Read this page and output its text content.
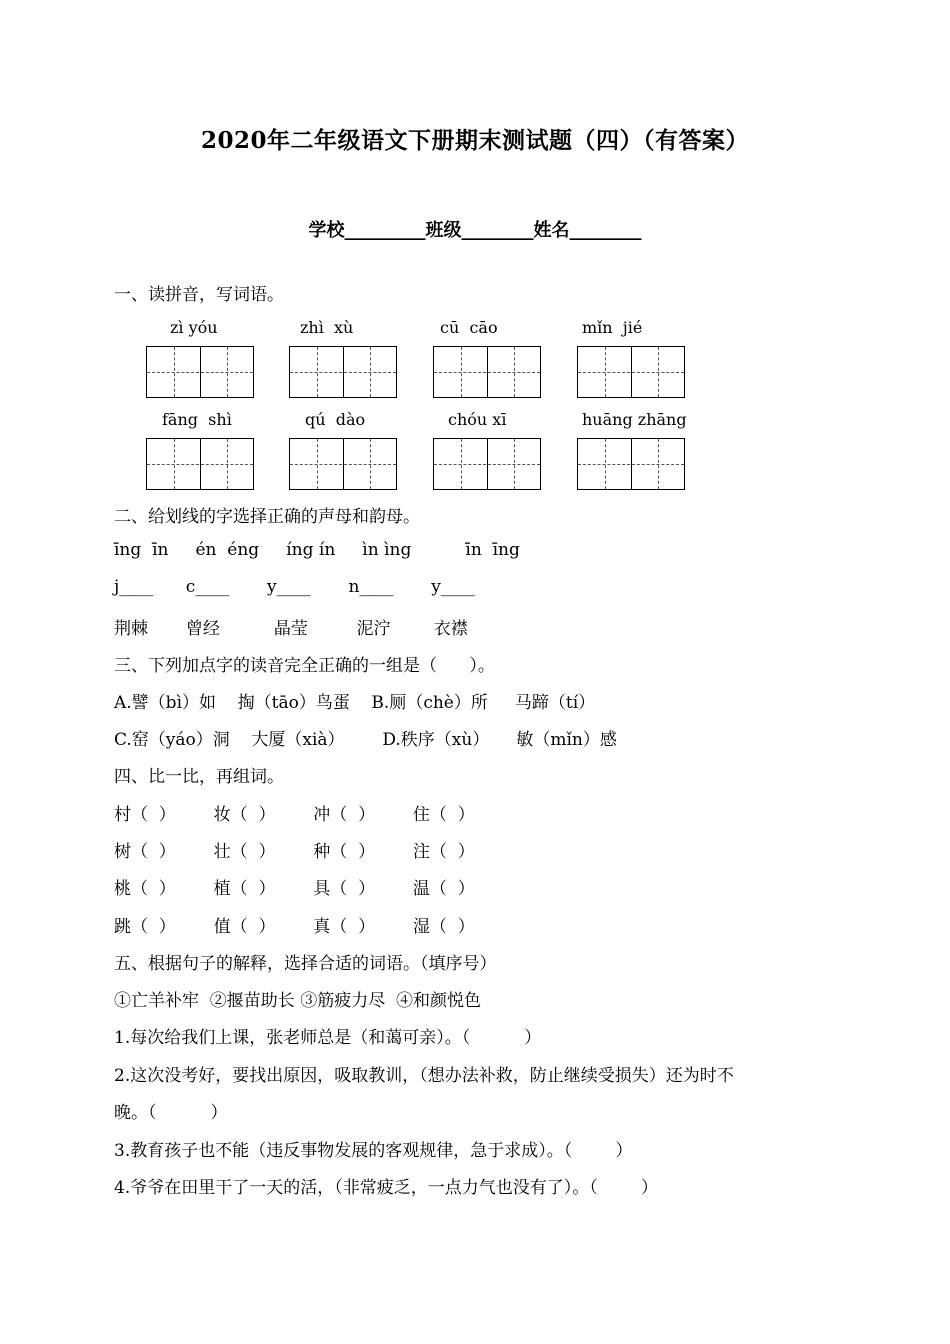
2020年二年级语文下册期末测试题（四）（有答案）
学校_________班级________姓名________
一、读拼音，写词语。
zì yóu	zhì  xù	cū  cāo	mǐn  jié
fāng  shì	qú  dào	chóu xī	huāng zhāng
二、给划线的字选择正确的声母和韵母。
īng  īn     én  éng     íng ín     ìn ìng          īn  īng
j____      c____       y____       n____       y____
荆棘       曾经          晶莹         泥泞        衣襟
三、下列加点字的读音完全正确的一组是（      ）。
A.譬（bì）如    掏（tāo）鸟蛋    B.厕（chè）所     马蹄（tí）
C.窑（yáo）洞    大厦（xià）       D.秩序（xù）     敏（mǐn）感
四、比一比，再组词。
村（  ）       妆（  ）       冲（  ）       住（  ）
树（  ）       壮（  ）       种（  ）       注（  ）
桃（  ）       植（  ）       具（  ）       温（  ）
跳（  ）       值（  ）       真（  ）       湿（  ）
五、根据句子的解释，选择合适的词语。（填序号）
①亡羊补牢  ②揠苗助长 ③筋疲力尽  ④和颜悦色
1.每次给我们上课，张老师总是（和蔼可亲）。（          ）
2.这次没考好，要找出原因，吸取教训，（想办法补救，防止继续受损失）还为时不
晚。（          ）
3.教育孩子也不能（违反事物发展的客观规律，急于求成）。（        ）
4.爷爷在田里干了一天的活，（非常疲乏，一点力气也没有了）。（        ）
